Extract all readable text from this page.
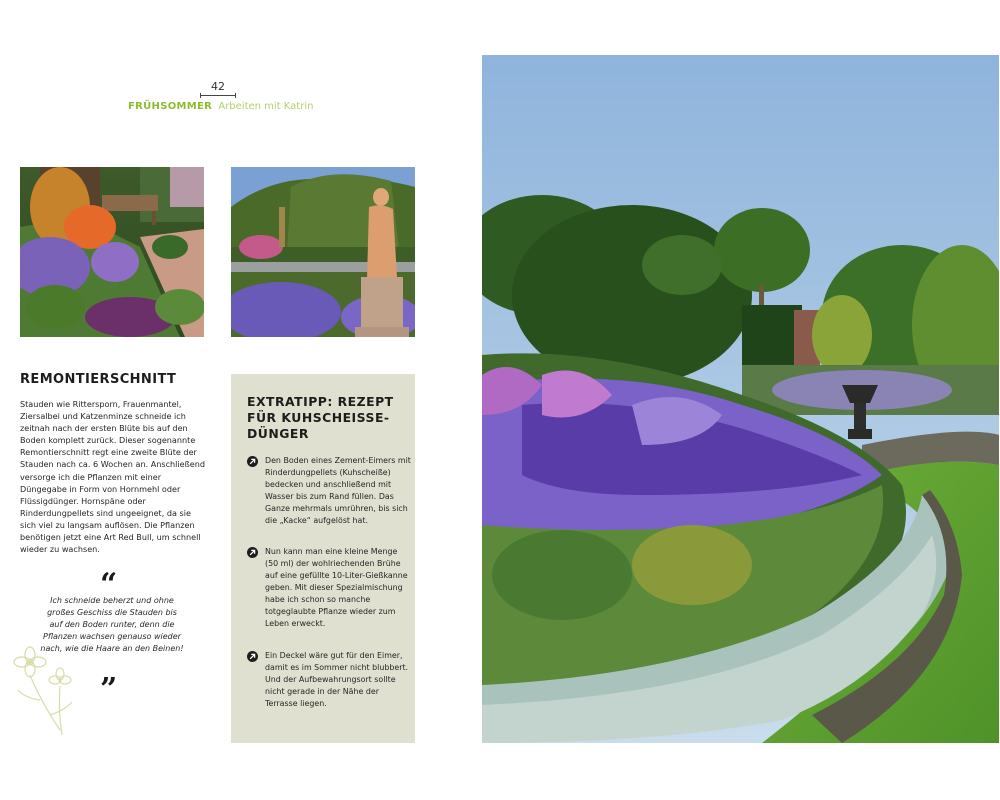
42
FRÜHSOMMER Arbeiten mit Katrin
REMONTIERSCHNITT

Stauden wie Rittersporn, Frauenmantel, Ziersalbei und Katzenminze schneide ich zeitnah nach der ersten Blüte bis auf den Boden komplett zurück. Dieser sogenannte Remontierschnitt regt eine zweite Blüte der Stauden nach ca. 6 Wochen an. Anschließend versorge ich die Pflanzen mit einer Düngegabe in Form von Hornmehl oder Flüssigdünger. Hornspäne oder Rinderdungpellets sind ungeeignet, da sie sich viel zu langsam auflösen. Die Pflanzen benötigen jetzt eine Art Red Bull, um schnell wieder zu wachsen.

“

Ich schneide beherzt und ohne großes Geschiss die Stauden bis auf den Boden runter, denn die Pflanzen wachsen genauso wieder nach, wie die Haare an den Beinen!

”
EXTRATIPP: REZEPT FÜR KUHSCHEISSE-DÜNGER

Den Boden eines Zement-Eimers mit Rinderdungpellets (Kuhscheiße) bedecken und anschließend mit Wasser bis zum Rand füllen. Das Ganze mehrmals umrühren, bis sich die „Kacke“ aufgelöst hat.

Nun kann man eine kleine Menge (50 ml) der wohlriechenden Brühe auf eine gefüllte 10-Liter-Gießkanne geben. Mit dieser Spezialmischung habe ich schon so manche totgeglaubte Pflanze wieder zum Leben erweckt.

Ein Deckel wäre gut für den Eimer, damit es im Sommer nicht blubbert. Und der Aufbewahrungsort sollte nicht gerade in der Nähe der Terrasse liegen.
